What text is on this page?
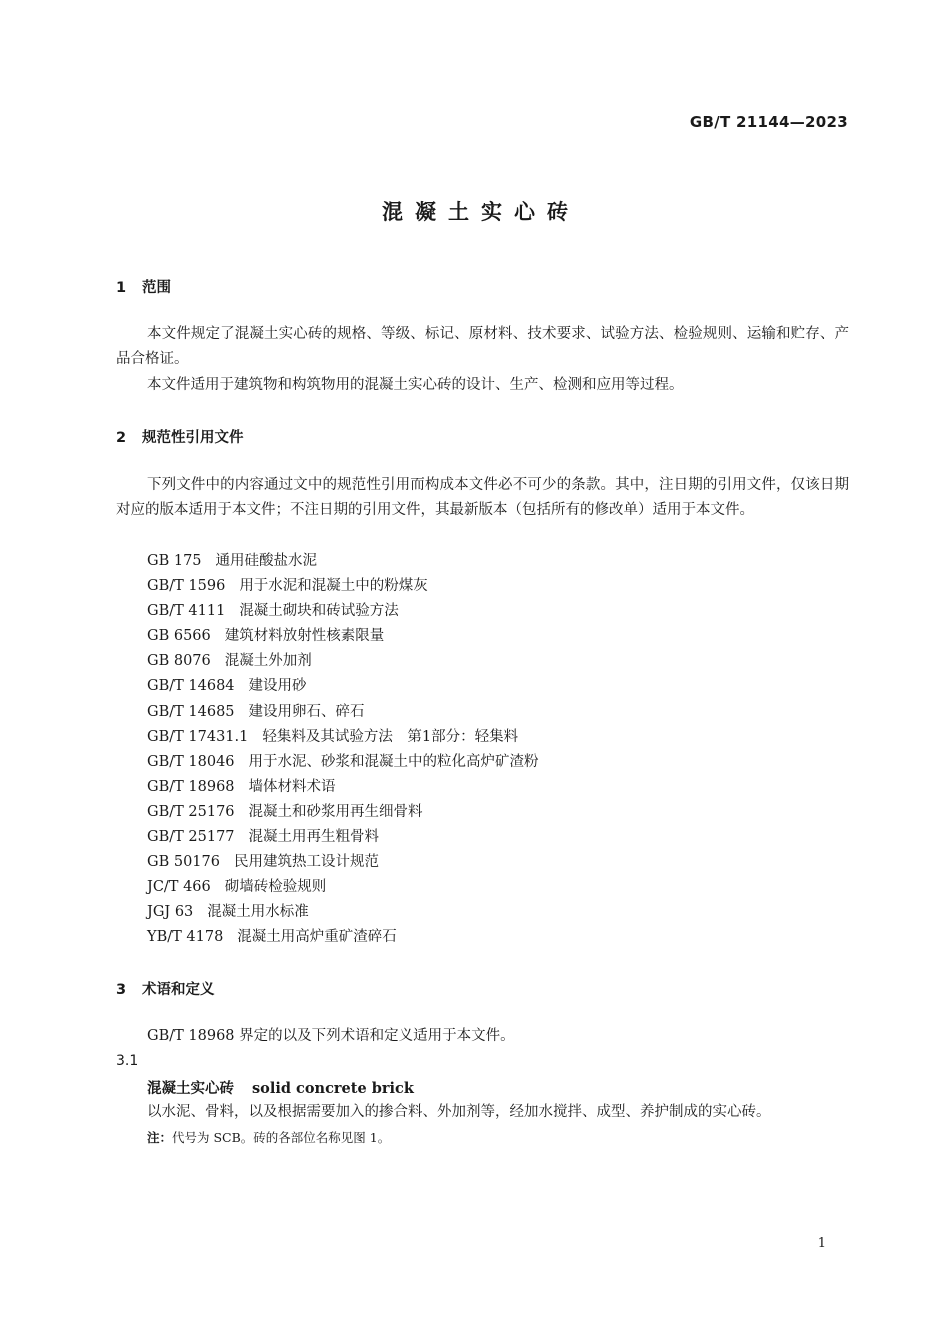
GB/T 21144—2023
混凝土实心砖
1 范围

本文件规定了混凝土实心砖的规格、等级、标记、原材料、技术要求、试验方法、检验规则、运输和贮存、产品合格证。

本文件适用于建筑物和构筑物用的混凝土实心砖的设计、生产、检测和应用等过程。

2 规范性引用文件

下列文件中的内容通过文中的规范性引用而构成本文件必不可少的条款。其中，注日期的引用文件，仅该日期对应的版本适用于本文件；不注日期的引用文件，其最新版本（包括所有的修改单）适用于本文件。

GB 175 通用硅酸盐水泥
GB/T 1596 用于水泥和混凝土中的粉煤灰
GB/T 4111 混凝土砌块和砖试验方法
GB 6566 建筑材料放射性核素限量
GB 8076 混凝土外加剂
GB/T 14684 建设用砂
GB/T 14685 建设用卵石、碎石
GB/T 17431.1 轻集料及其试验方法　第1部分：轻集料
GB/T 18046 用于水泥、砂浆和混凝土中的粒化高炉矿渣粉
GB/T 18968 墙体材料术语
GB/T 25176 混凝土和砂浆用再生细骨料
GB/T 25177 混凝土用再生粗骨料
GB 50176 民用建筑热工设计规范
JC/T 466 砌墙砖检验规则
JGJ 63 混凝土用水标准
YB/T 4178 混凝土用高炉重矿渣碎石
3 术语和定义

GB/T 18968 界定的以及下列术语和定义适用于本文件。

3.1
混凝土实心砖 solid concrete brick
以水泥、骨料，以及根据需要加入的掺合料、外加剂等，经加水搅拌、成型、养护制成的实心砖。
注：代号为 SCB。砖的各部位名称见图 1。
1
